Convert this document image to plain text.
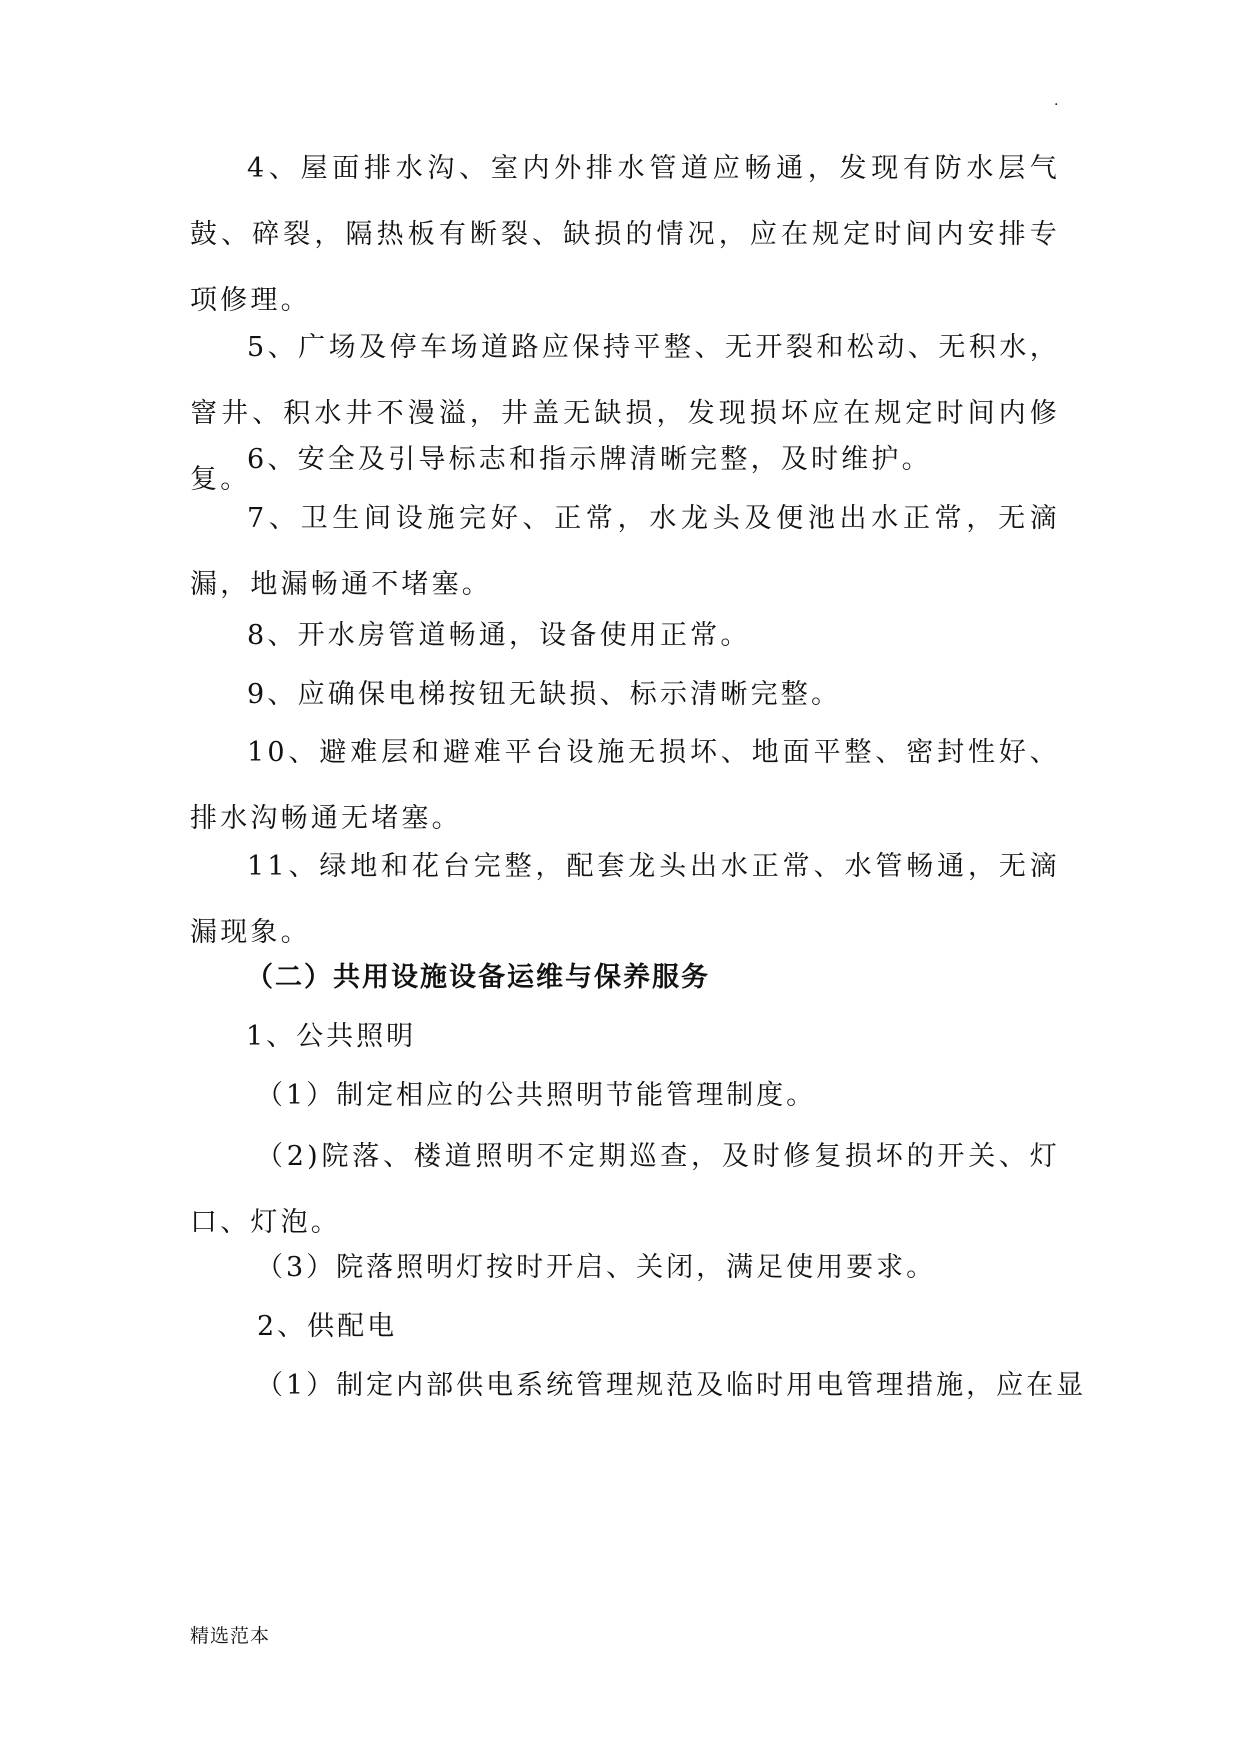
.

4、屋面排水沟、室内外排水管道应畅通，发现有防水层气鼓、碎裂，隔热板有断裂、缺损的情况，应在规定时间内安排专项修理。

5、广场及停车场道路应保持平整、无开裂和松动、无积水，窨井、积水井不漫溢，井盖无缺损，发现损坏应在规定时间内修复。

6、安全及引导标志和指示牌清晰完整，及时维护。

7、卫生间设施完好、正常，水龙头及便池出水正常，无滴漏，地漏畅通不堵塞。

8、开水房管道畅通，设备使用正常。

9、应确保电梯按钮无缺损、标示清晰完整。

10、避难层和避难平台设施无损坏、地面平整、密封性好、排水沟畅通无堵塞。

11、绿地和花台完整，配套龙头出水正常、水管畅通，无滴漏现象。

（二）共用设施设备运维与保养服务

1、公共照明

（1）制定相应的公共照明节能管理制度。

（2)院落、楼道照明不定期巡查，及时修复损坏的开关、灯口、灯泡。

（3）院落照明灯按时开启、关闭，满足使用要求。

2、供配电

（1）制定内部供电系统管理规范及临时用电管理措施，应在显

精选范本
